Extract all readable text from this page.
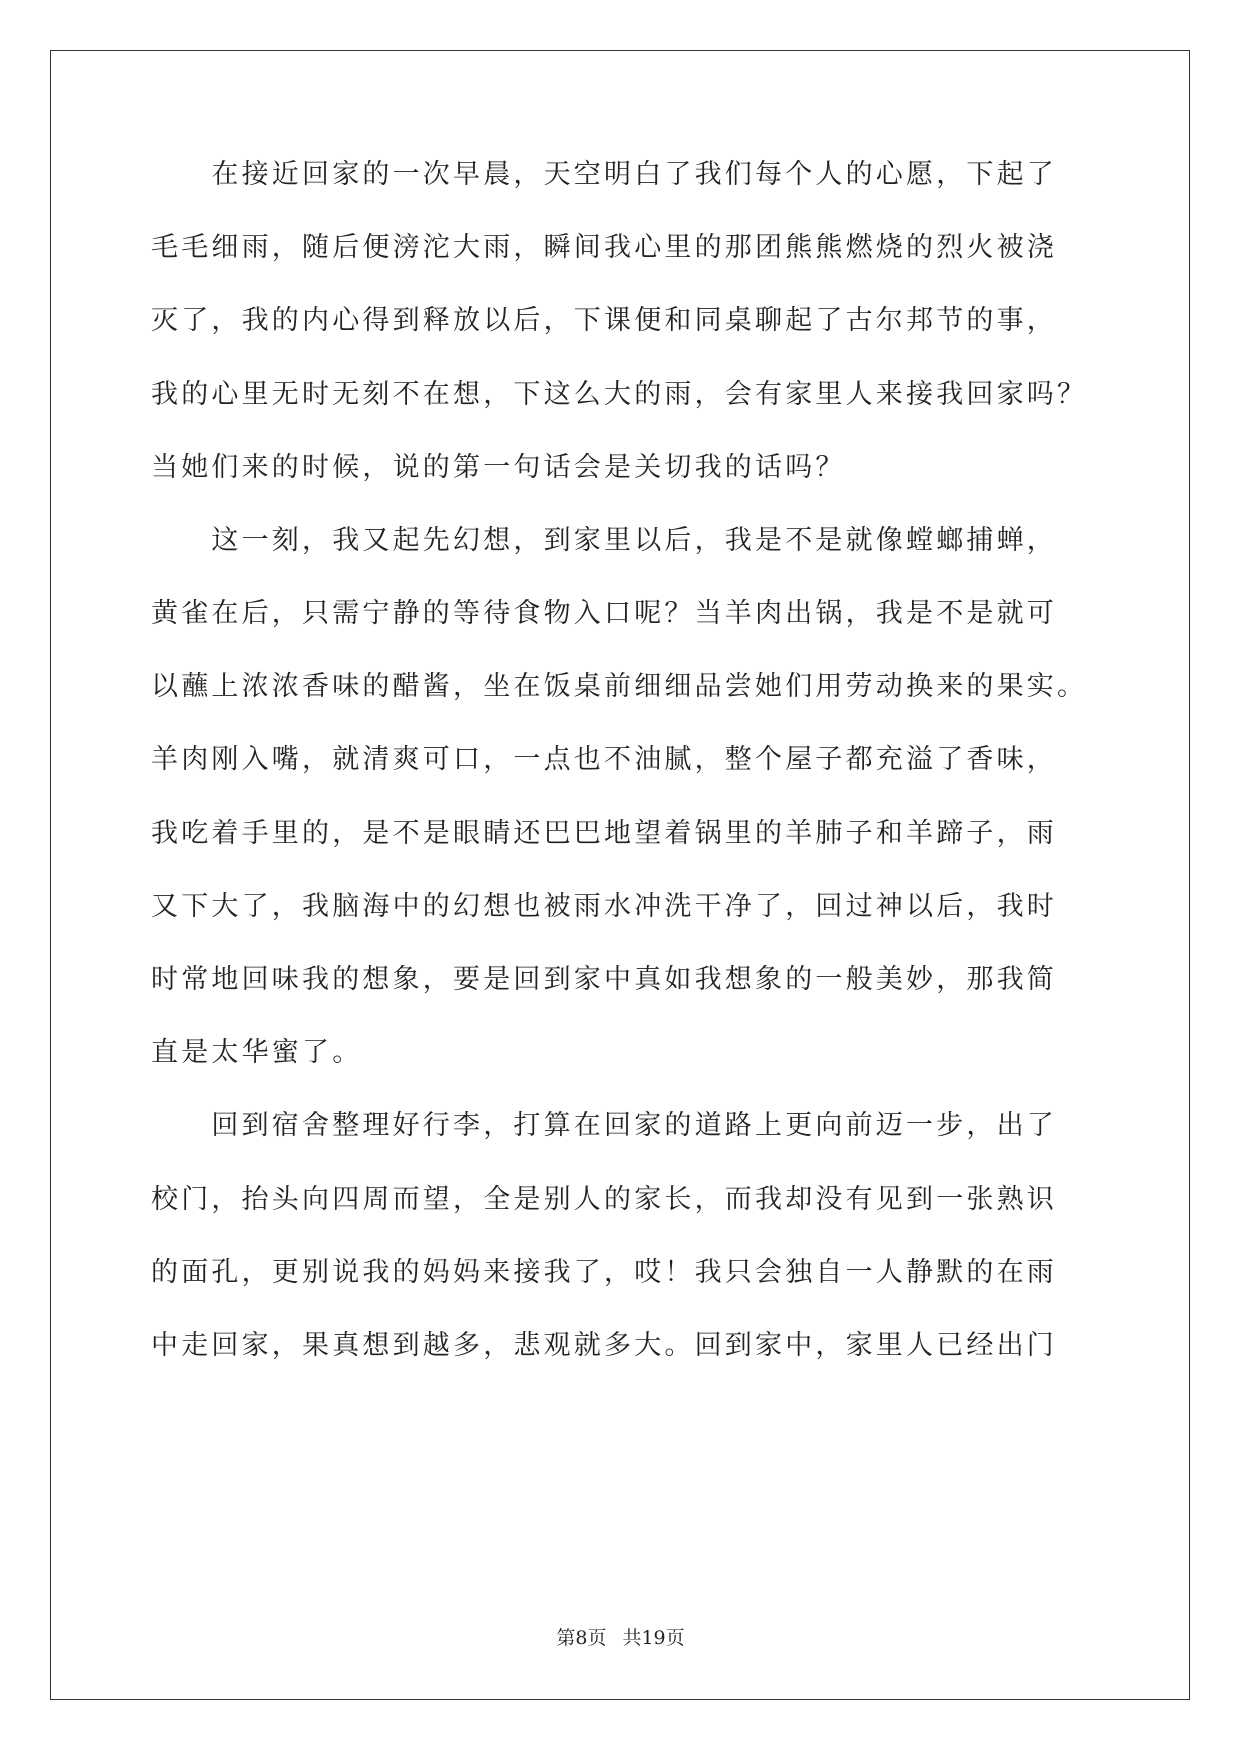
　　在接近回家的一次早晨，天空明白了我们每个人的心愿，下起了
毛毛细雨，随后便滂沱大雨，瞬间我心里的那团熊熊燃烧的烈火被浇
灭了，我的内心得到释放以后，下课便和同桌聊起了古尔邦节的事，
我的心里无时无刻不在想，下这么大的雨，会有家里人来接我回家吗？
当她们来的时候，说的第一句话会是关切我的话吗？
　　这一刻，我又起先幻想，到家里以后，我是不是就像螳螂捕蝉，
黄雀在后，只需宁静的等待食物入口呢？当羊肉出锅，我是不是就可
以蘸上浓浓香味的醋酱，坐在饭桌前细细品尝她们用劳动换来的果实。
羊肉刚入嘴，就清爽可口，一点也不油腻，整个屋子都充溢了香味，
我吃着手里的，是不是眼睛还巴巴地望着锅里的羊肺子和羊蹄子，雨
又下大了，我脑海中的幻想也被雨水冲洗干净了，回过神以后，我时
时常地回味我的想象，要是回到家中真如我想象的一般美妙，那我简
直是太华蜜了。
　　回到宿舍整理好行李，打算在回家的道路上更向前迈一步，出了
校门，抬头向四周而望，全是别人的家长，而我却没有见到一张熟识
的面孔，更别说我的妈妈来接我了，哎！我只会独自一人静默的在雨
中走回家，果真想到越多，悲观就多大。回到家中，家里人已经出门
第8页 共19页
